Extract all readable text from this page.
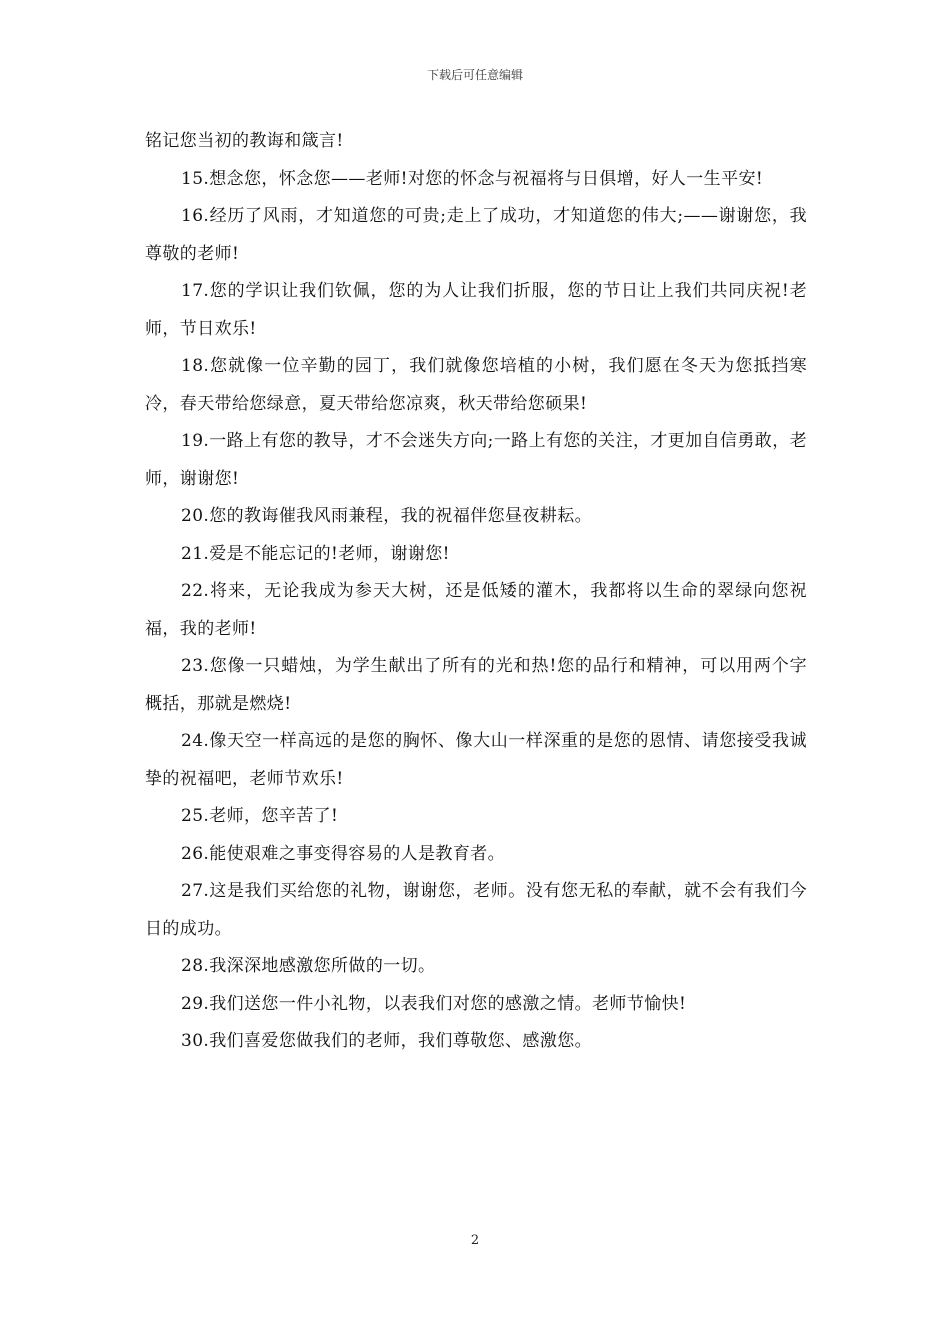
下载后可任意编辑

铭记您当初的教诲和箴言!

15.想念您，怀念您——老师!对您的怀念与祝福将与日俱增，好人一生平安!

16.经历了风雨，才知道您的可贵;走上了成功，才知道您的伟大;——谢谢您，我尊敬的老师!

17.您的学识让我们钦佩，您的为人让我们折服，您的节日让上我们共同庆祝!老师，节日欢乐!

18.您就像一位辛勤的园丁，我们就像您培植的小树，我们愿在冬天为您抵挡寒冷，春天带给您绿意，夏天带给您凉爽，秋天带给您硕果!

19.一路上有您的教导，才不会迷失方向;一路上有您的关注，才更加自信勇敢，老师，谢谢您!

20.您的教诲催我风雨兼程，我的祝福伴您昼夜耕耘。

21.爱是不能忘记的!老师，谢谢您!

22.将来，无论我成为参天大树，还是低矮的灌木，我都将以生命的翠绿向您祝福，我的老师!

23.您像一只蜡烛，为学生献出了所有的光和热!您的品行和精神，可以用两个字概括，那就是燃烧!

24.像天空一样高远的是您的胸怀、像大山一样深重的是您的恩情、请您接受我诚挚的祝福吧，老师节欢乐!

25.老师，您辛苦了!

26.能使艰难之事变得容易的人是教育者。

27.这是我们买给您的礼物，谢谢您，老师。没有您无私的奉献，就不会有我们今日的成功。

28.我深深地感激您所做的一切。

29.我们送您一件小礼物，以表我们对您的感激之情。老师节愉快!

30.我们喜爱您做我们的老师，我们尊敬您、感激您。

2
